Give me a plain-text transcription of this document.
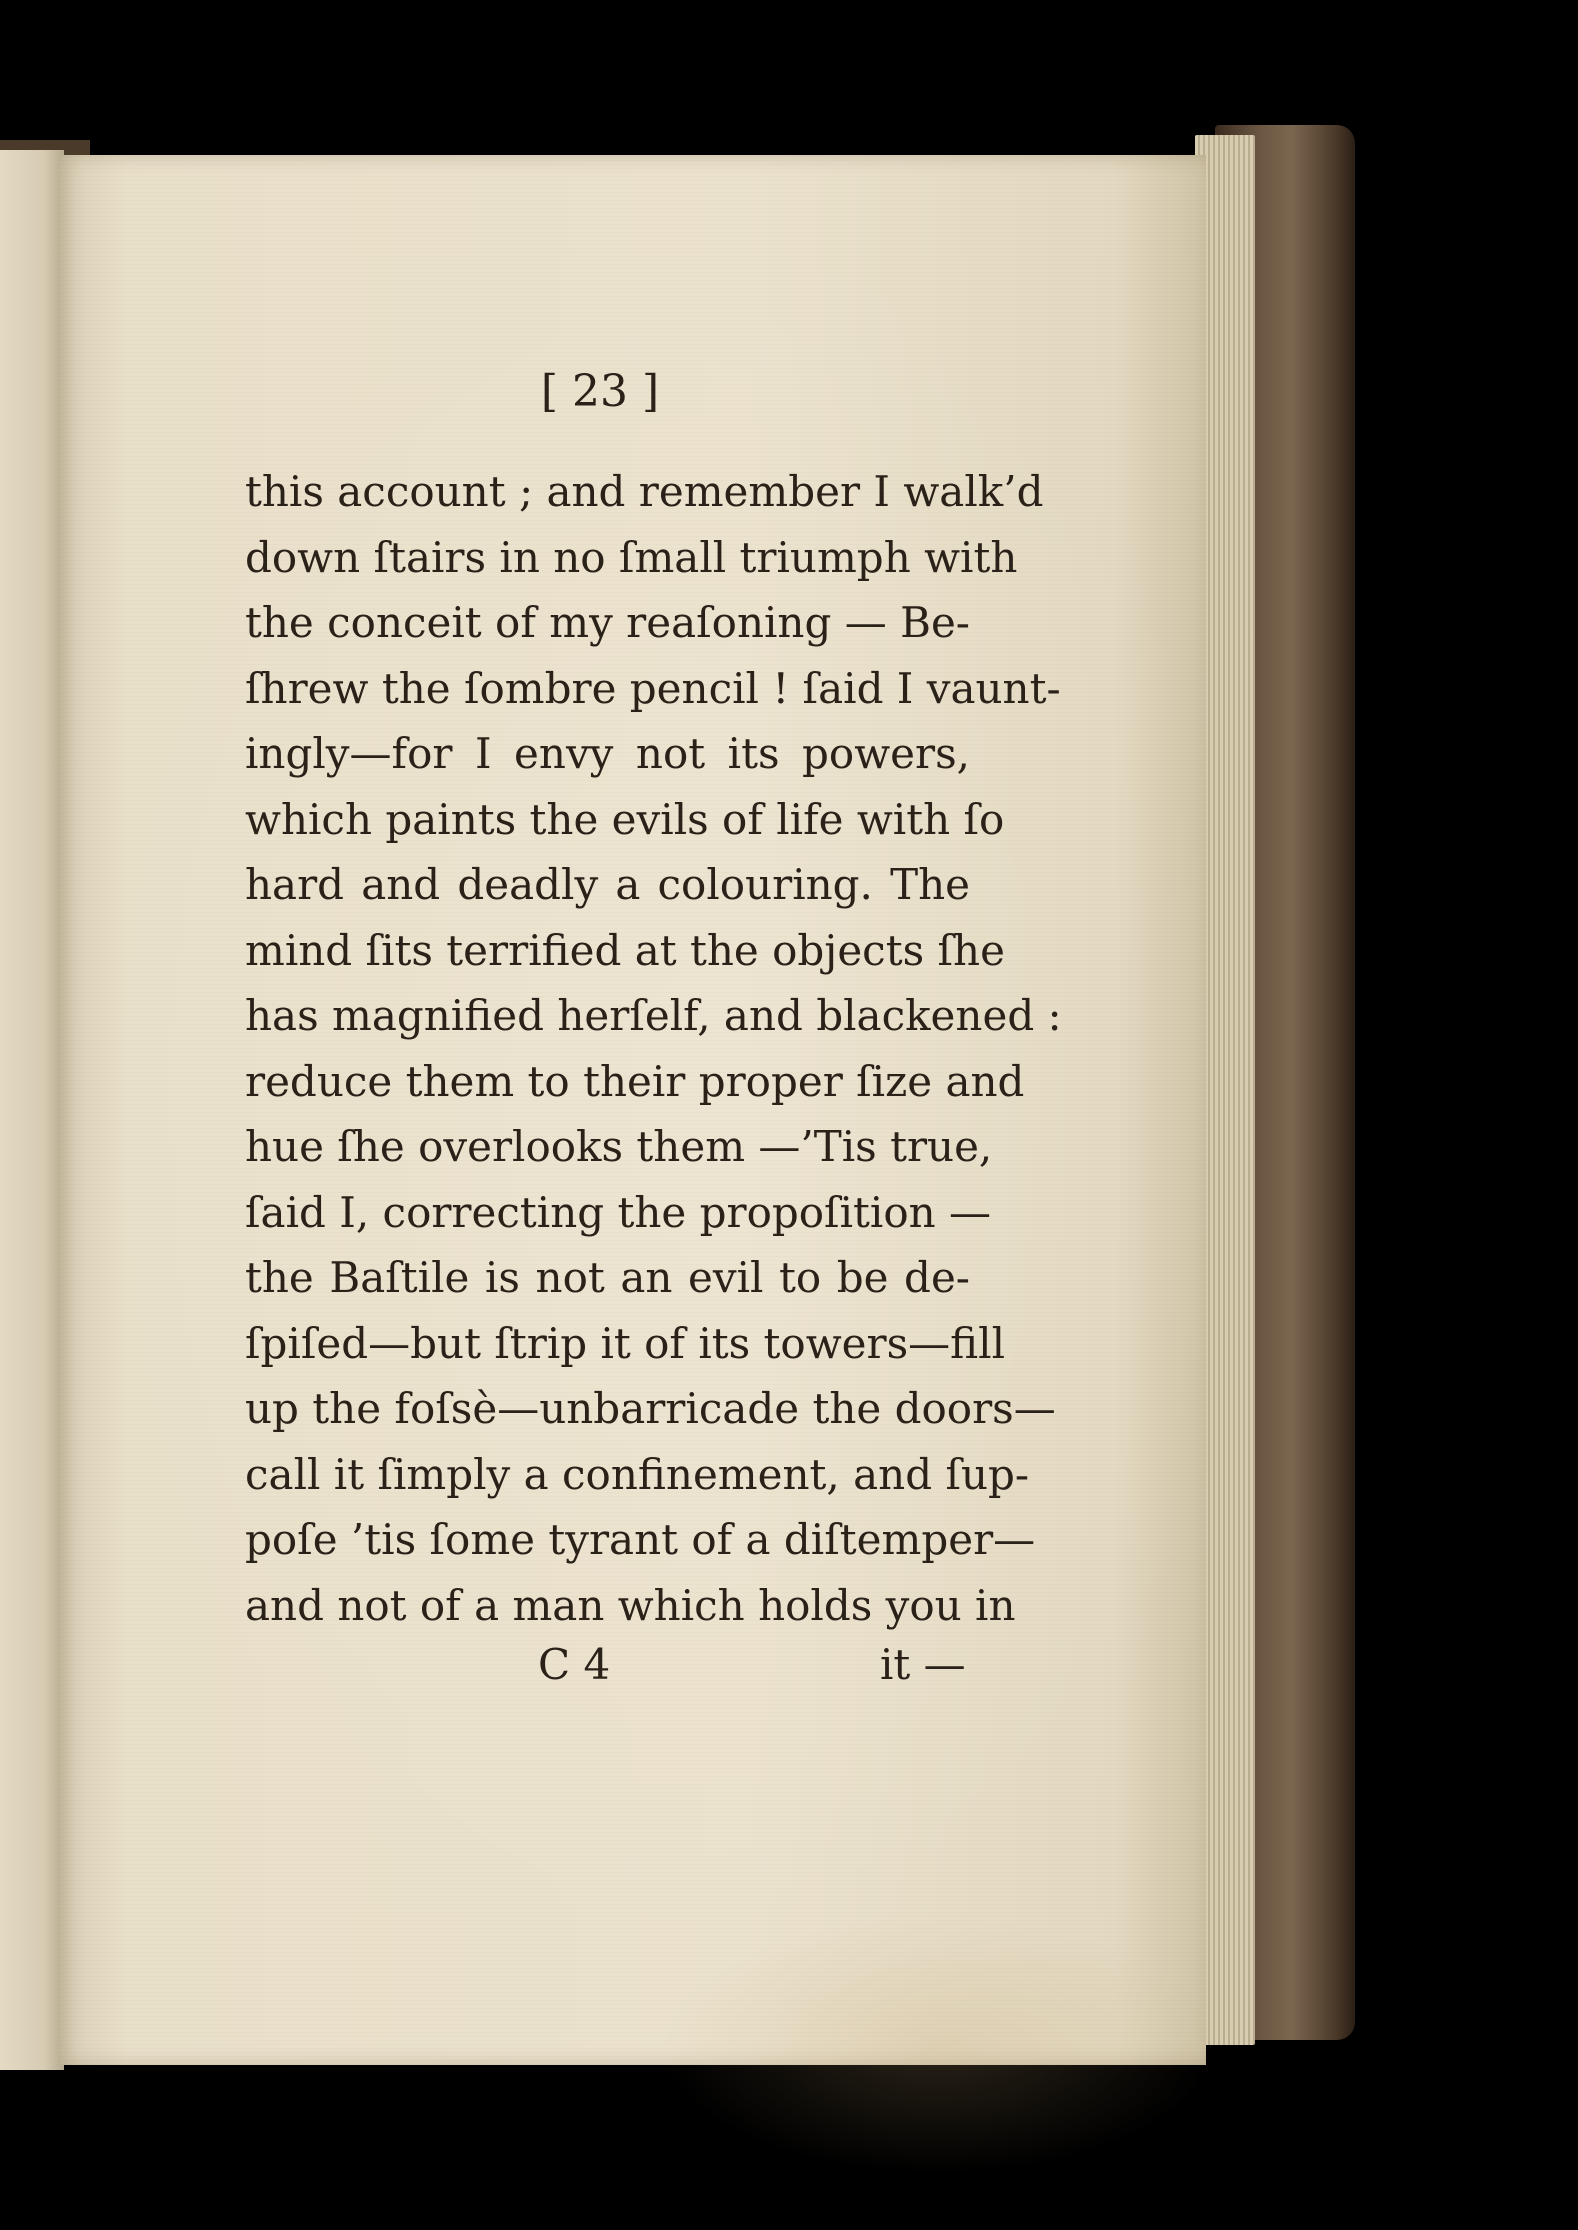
[ 23 ]
this account ; and remember I walk’d
down ſtairs in no ſmall triumph with
the conceit of my reaſoning — Be-
ſhrew the ſombre pencil ! ſaid I vaunt-
ingly—for I envy not its powers,
which paints the evils of life with ſo
hard and deadly a colouring. The
mind ſits terrified at the objects ſhe
has magnified herſelf, and blackened :
reduce them to their proper ſize and
hue ſhe overlooks them —’Tis true,
ſaid I, correcting the propoſition —
the Baſtile is not an evil to be de-
ſpiſed—but ſtrip it of its towers—fill
up the foſsè—unbarricade the doors—
call it ſimply a confinement, and ſup-
poſe ’tis ſome tyrant of a diſtemper—
and not of a man which holds you in
C 4	it —
